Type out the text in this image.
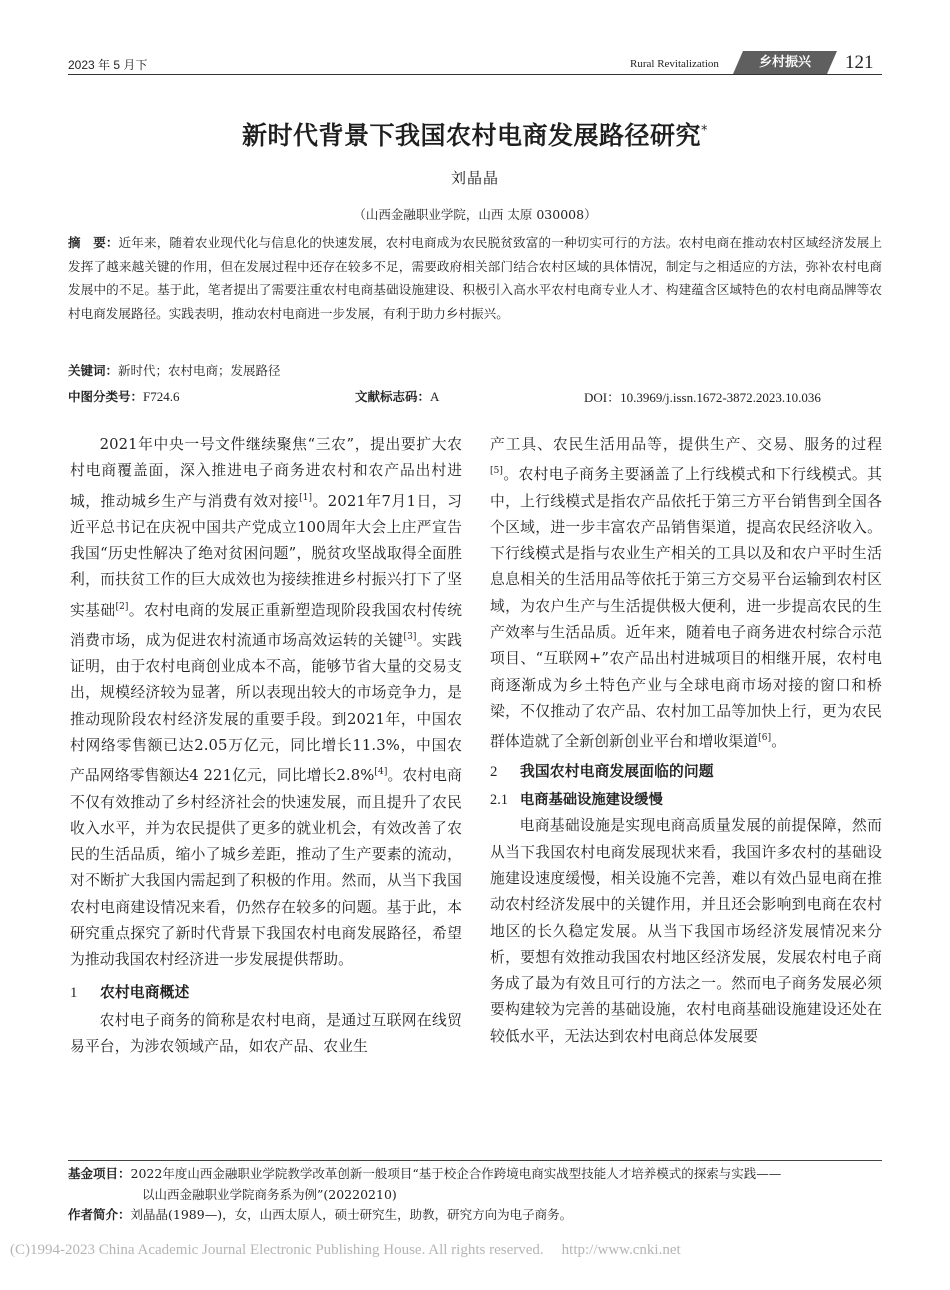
2023 年 5 月下	Rural Revitalization	乡村振兴	121
新时代背景下我国农村电商发展路径研究*
刘晶晶
（山西金融职业学院，山西 太原 030008）
摘　要：近年来，随着农业现代化与信息化的快速发展，农村电商成为农民脱贫致富的一种切实可行的方法。农村电商在推动农村区域经济发展上发挥了越来越关键的作用，但在发展过程中还存在较多不足，需要政府相关部门结合农村区域的具体情况，制定与之相适应的方法，弥补农村电商发展中的不足。基于此，笔者提出了需要注重农村电商基础设施建设、积极引入高水平农村电商专业人才、构建蕴含区域特色的农村电商品牌等农村电商发展路径。实践表明，推动农村电商进一步发展，有利于助力乡村振兴。
关键词：新时代；农村电商；发展路径
中图分类号：F724.6	文献标志码：A	DOI：10.3969/j.issn.1672-3872.2023.10.036

2021年中央一号文件继续聚焦“三农”，提出要扩大农村电商覆盖面，深入推进电子商务进农村和农产品出村进城，推动城乡生产与消费有效对接[1]。2021年7月1日，习近平总书记在庆祝中国共产党成立100周年大会上庄严宣告我国“历史性解决了绝对贫困问题”，脱贫攻坚战取得全面胜利，而扶贫工作的巨大成效也为接续推进乡村振兴打下了坚实基础[2]。农村电商的发展正重新塑造现阶段我国农村传统消费市场，成为促进农村流通市场高效运转的关键[3]。实践证明，由于农村电商创业成本不高，能够节省大量的交易支出，规模经济较为显著，所以表现出较大的市场竞争力，是推动现阶段农村经济发展的重要手段。到2021年，中国农村网络零售额已达2.05万亿元，同比增长11.3%，中国农产品网络零售额达4 221亿元，同比增长2.8%[4]。农村电商不仅有效推动了乡村经济社会的快速发展，而且提升了农民收入水平，并为农民提供了更多的就业机会，有效改善了农民的生活品质，缩小了城乡差距，推动了生产要素的流动，对不断扩大我国内需起到了积极的作用。然而，从当下我国农村电商建设情况来看，仍然存在较多的问题。基于此，本研究重点探究了新时代背景下我国农村电商发展路径，希望为推动我国农村经济进一步发展提供帮助。

1 农村电商概述

农村电子商务的简称是农村电商，是通过互联网在线贸易平台，为涉农领域产品，如农产品、农业生

产工具、农民生活用品等，提供生产、交易、服务的过程[5]。农村电子商务主要涵盖了上行线模式和下行线模式。其中，上行线模式是指农产品依托于第三方平台销售到全国各个区域，进一步丰富农产品销售渠道，提高农民经济收入。下行线模式是指与农业生产相关的工具以及和农户平时生活息息相关的生活用品等依托于第三方交易平台运输到农村区域，为农户生产与生活提供极大便利，进一步提高农民的生产效率与生活品质。近年来，随着电子商务进农村综合示范项目、“互联网+”农产品出村进城项目的相继开展，农村电商逐渐成为乡土特色产业与全球电商市场对接的窗口和桥梁，不仅推动了农产品、农村加工品等加快上行，更为农民群体造就了全新创新创业平台和增收渠道[6]。

2 我国农村电商发展面临的问题
2.1 电商基础设施建设缓慢

电商基础设施是实现电商高质量发展的前提保障，然而从当下我国农村电商发展现状来看，我国许多农村的基础设施建设速度缓慢，相关设施不完善，难以有效凸显电商在推动农村经济发展中的关键作用，并且还会影响到电商在农村地区的长久稳定发展。从当下我国市场经济发展情况来分析，要想有效推动我国农村地区经济发展，发展农村电子商务成了最为有效且可行的方法之一。然而电子商务发展必须要构建较为完善的基础设施，农村电商基础设施建设还处在较低水平，无法达到农村电商总体发展要

基金项目：2022年度山西金融职业学院教学改革创新一般项目“基于校企合作跨境电商实战型技能人才培养模式的探索与实践——
以山西金融职业学院商务系为例”(20220210)
作者简介：刘晶晶(1989—)，女，山西太原人，硕士研究生，助教，研究方向为电子商务。
(C)1994-2023 China Academic Journal Electronic Publishing House. All rights reserved. http://www.cnki.net
